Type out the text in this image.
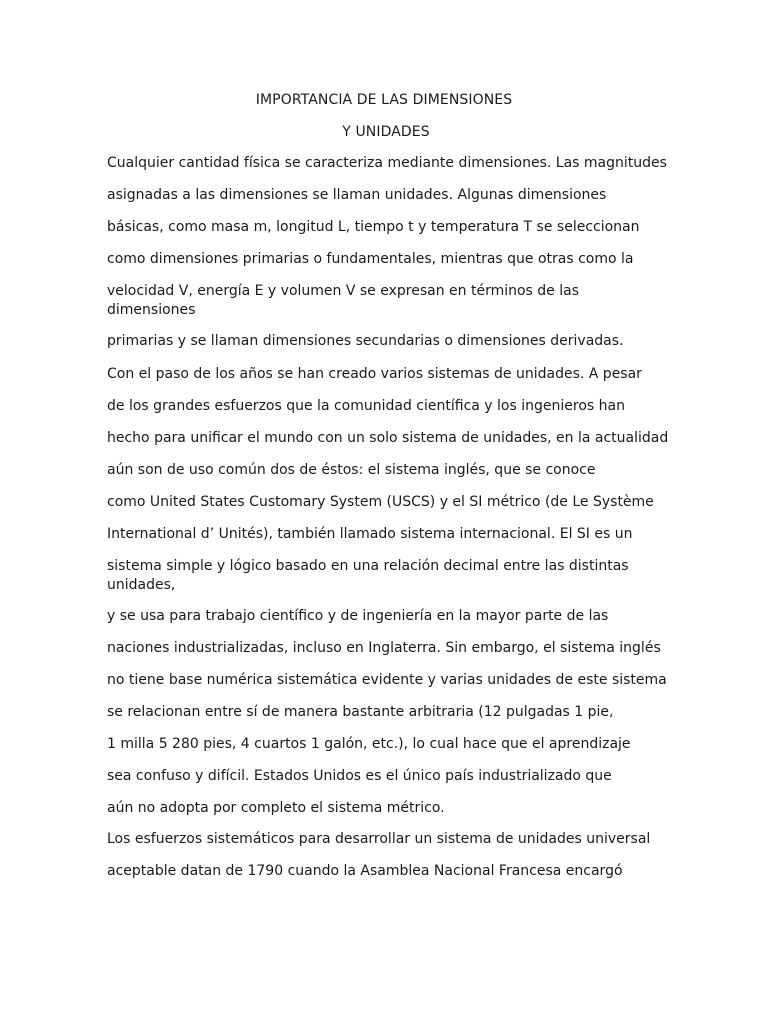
IMPORTANCIA DE LAS DIMENSIONES
Y UNIDADES
Cualquier cantidad física se caracteriza mediante dimensiones. Las magnitudes
asignadas a las dimensiones se llaman unidades. Algunas dimensiones
básicas, como masa m, longitud L, tiempo t y temperatura T se seleccionan
como dimensiones primarias o fundamentales, mientras que otras como la
velocidad V, energía E y volumen V se expresan en términos de las
dimensiones
primarias y se llaman dimensiones secundarias o dimensiones derivadas.
Con el paso de los años se han creado varios sistemas de unidades. A pesar
de los grandes esfuerzos que la comunidad científica y los ingenieros han
hecho para unificar el mundo con un solo sistema de unidades, en la actualidad
aún son de uso común dos de éstos: el sistema inglés, que se conoce
como United States Customary System (USCS) y el SI métrico (de Le Système
International d’ Unités), también llamado sistema internacional. El SI es un
sistema simple y lógico basado en una relación decimal entre las distintas
unidades,
y se usa para trabajo científico y de ingeniería en la mayor parte de las
naciones industrializadas, incluso en Inglaterra. Sin embargo, el sistema inglés
no tiene base numérica sistemática evidente y varias unidades de este sistema
se relacionan entre sí de manera bastante arbitraria (12 pulgadas 1 pie,
1 milla 5 280 pies, 4 cuartos 1 galón, etc.), lo cual hace que el aprendizaje
sea confuso y difícil. Estados Unidos es el único país industrializado que
aún no adopta por completo el sistema métrico.
Los esfuerzos sistemáticos para desarrollar un sistema de unidades universal
aceptable datan de 1790 cuando la Asamblea Nacional Francesa encargó
